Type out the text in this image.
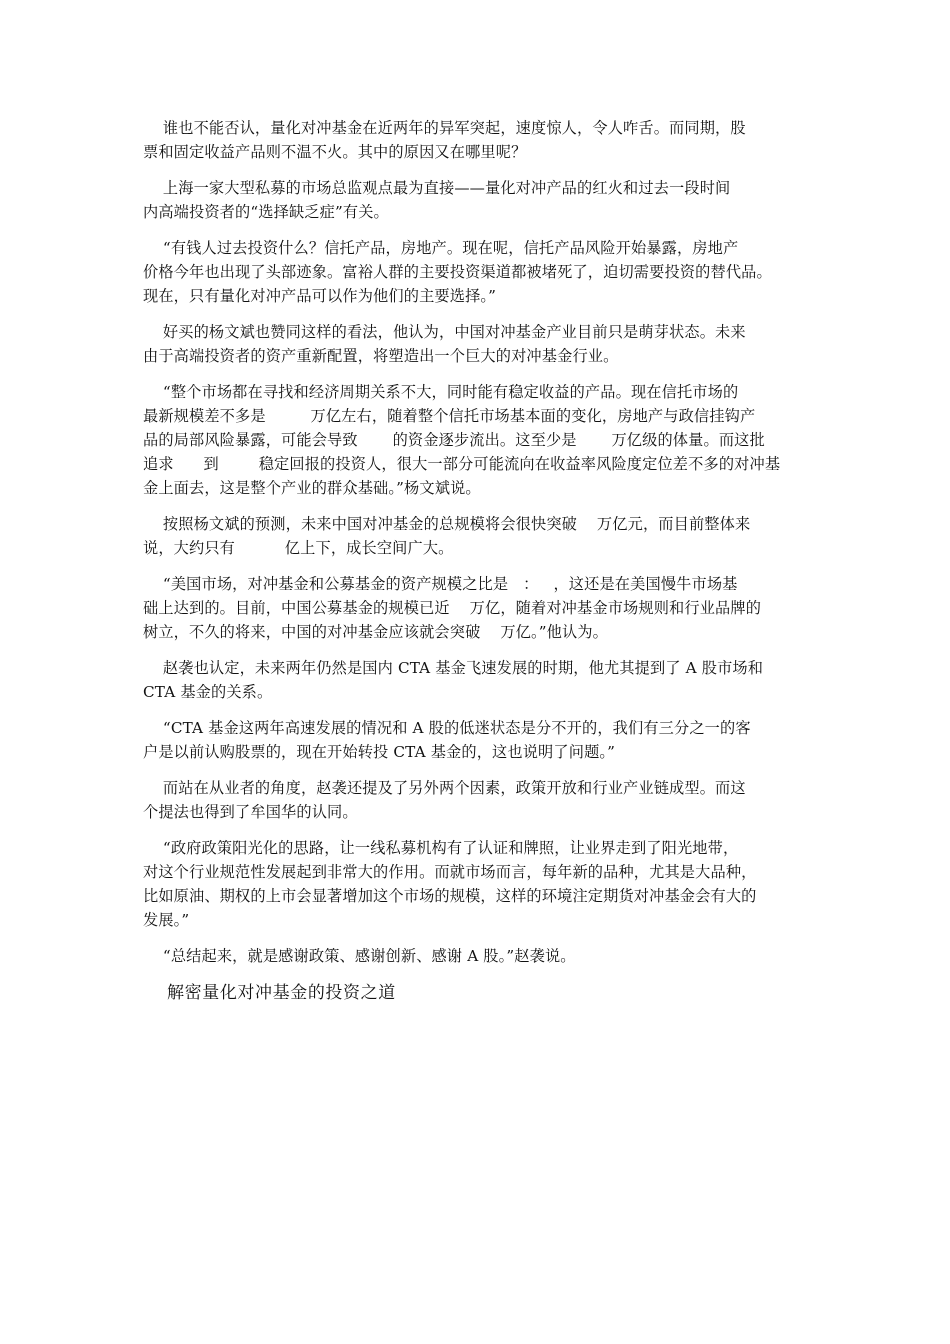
谁也不能否认，量化对冲基金在近两年的异军突起，速度惊人，令人咋舌。而同期，股
票和固定收益产品则不温不火。其中的原因又在哪里呢？
上海一家大型私募的市场总监观点最为直接——量化对冲产品的红火和过去一段时间
内高端投资者的“选择缺乏症”有关。
“有钱人过去投资什么？信托产品，房地产。现在呢，信托产品风险开始暴露，房地产
价格今年也出现了头部迹象。富裕人群的主要投资渠道都被堵死了，迫切需要投资的替代品。
现在，只有量化对冲产品可以作为他们的主要选择。”
好买的杨文斌也赞同这样的看法，他认为，中国对冲基金产业目前只是萌芽状态。未来
由于高端投资者的资产重新配置，将塑造出一个巨大的对冲基金行业。
“整个市场都在寻找和经济周期关系不大，同时能有稳定收益的产品。现在信托市场的
最新规模差不多是         万亿左右，随着整个信托市场基本面的变化，房地产与政信挂钩产
品的局部风险暴露，可能会导致       的资金逐步流出。这至少是       万亿级的体量。而这批
追求      到        稳定回报的投资人，很大一部分可能流向在收益率风险度定位差不多的对冲基
金上面去，这是整个产业的群众基础。”杨文斌说。
按照杨文斌的预测，未来中国对冲基金的总规模将会很快突破    万亿元，而目前整体来
说，大约只有          亿上下，成长空间广大。
“美国市场，对冲基金和公募基金的资产规模之比是   ：   ，这还是在美国慢牛市场基
础上达到的。目前，中国公募基金的规模已近    万亿，随着对冲基金市场规则和行业品牌的
树立，不久的将来，中国的对冲基金应该就会突破    万亿。”他认为。
赵袭也认定，未来两年仍然是国内 CTA 基金飞速发展的时期，他尤其提到了 A 股市场和
CTA 基金的关系。
“CTA 基金这两年高速发展的情况和 A 股的低迷状态是分不开的，我们有三分之一的客
户是以前认购股票的，现在开始转投 CTA 基金的，这也说明了问题。”
而站在从业者的角度，赵袭还提及了另外两个因素，政策开放和行业产业链成型。而这
个提法也得到了牟国华的认同。
“政府政策阳光化的思路，让一线私募机构有了认证和牌照，让业界走到了阳光地带，
对这个行业规范性发展起到非常大的作用。而就市场而言，每年新的品种，尤其是大品种，
比如原油、期权的上市会显著增加这个市场的规模，这样的环境注定期货对冲基金会有大的
发展。”
“总结起来，就是感谢政策、感谢创新、感谢 A 股。”赵袭说。
解密量化对冲基金的投资之道
